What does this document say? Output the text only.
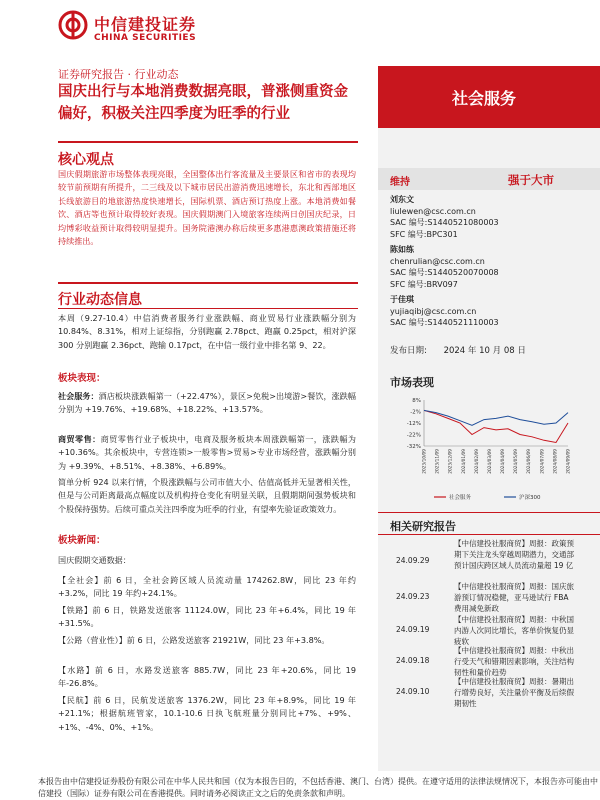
中信建投证券
CHINA SECURITIES
证券研究报告 · 行业动态
国庆出行与本地消费数据亮眼，普涨侧重资金偏好，积极关注四季度为旺季的行业
社会服务
核心观点
国庆假期旅游市场整体表现亮眼，全国整体出行客流量及主要景区和省市的表现均较节前预期有所提升，二三线及以下城市居民出游消费迅速增长，东北和西部地区长线旅游目的地旅游热度快速增长，国际机票、酒店预订热度上涨。本地消费如餐饮、酒店等也预计取得较好表现。国庆假期澳门入境旅客连续两日创国庆纪录，日均博彩收益预计取得较明显提升。国务院港澳办称后续更多惠港惠澳政策措施还将持续推出。
行业动态信息
本周（9.27-10.4）中信消费者服务行业涨跌幅、商业贸易行业涨跌幅分别为 10.84%、8.31%，相对上证综指，分别跑赢 2.78pct、跑赢 0.25pct，相对沪深 300 分别跑赢 2.36pct、跑输 0.17pct，在中信一级行业中排名第 9、22。
板块表现：
社会服务：酒店板块涨跌幅第一（+22.47%），景区>免税>出境游>餐饮，涨跌幅分别为 +19.76%、+19.68%、+18.22%、+13.57%。
商贸零售：商贸零售行业子板块中，电商及服务板块本周涨跌幅第一，涨跌幅为+10.36%。其余板块中，专营连锁>一般零售>贸易>专业市场经营，涨跌幅分别为 +9.39%、+8.51%、+8.38%、+6.89%。
简单分析 924 以来行情，个股涨跌幅与公司市值大小、估值高低并无显著相关性，但是与公司距离最高点幅度以及机构持仓变化有明显关联，且假期期间强势板块和个股保持强势。后续可重点关注四季度为旺季的行业，有望率先验证政策效力。
板块新闻：
国庆假期交通数据：
【全社会】前 6 日，全社会跨区域人员流动量 174262.8W，同比 23 年约+3.2%，同比 19 年约+24.1%。
【铁路】前 6 日，铁路发送旅客 11124.0W，同比 23 年+6.4%，同比 19 年+31.5%。
【公路（营业性）】前 6 日，公路发送旅客 21921W，同比 23 年+3.8%。
【水路】前 6 日，水路发送旅客 885.7W，同比 23 年+20.6%，同比 19 年-26.8%。
【民航】前 6 日，民航发送旅客 1376.2W，同比 23 年+8.9%，同比 19 年+21.1%；根据航班管家，10.1-10.6 日执飞航班量分别同比+7%、+9%、+1%、-4%、0%、+1%。
维持	强于大市
刘东文
liulewen@csc.com.cn
SAC 编号:S1440521080003
SFC 编号:BPC301
陈如练
chenrulian@csc.com.cn
SAC 编号:S1440520070008
SFC 编号:BRV097
于佳琪
yujiaqibj@csc.com.cn
SAC 编号:S1440521110003
发布日期: 2024 年 10 月 08 日
市场表现
8%
-2%
-12%
-22%
-32%
2023/10/09 2023/11/09 2023/12/09 2024/01/09 2024/02/09 2024/03/09 2024/04/09 2024/05/09 2024/06/09 2024/07/09 2024/08/09 2024/09/09
社会服务	沪深300
相关研究报告
24.09.29
【中信建投社服商贸】周报：政策预期下关注龙头穿越周期潜力，交通部预计国庆跨区域人员流动量超 19 亿
24.09.23
【中信建投社服商贸】周报：国庆旅游预订情况稳健，亚马逊试行 FBA 费用减免新政
24.09.19
【中信建投社服商贸】周报：中秋国内游人次同比增长，客单价恢复仍显疲软
24.09.18
【中信建投社服商贸】周报：中秋出行受天气和错期因素影响，关注结构韧性和量价趋势
24.09.10
【中信建投社服商贸】周报：暑期出行增势良好，关注量价平衡及后续假期韧性
本报告由中信建投证券股份有限公司在中华人民共和国（仅为本报告目的，不包括香港、澳门、台湾）提供。在遵守适用的法律法规情况下，本报告亦可能由中信建投（国际）证券有限公司在香港提供。同时请务必阅读正文之后的免责条款和声明。
